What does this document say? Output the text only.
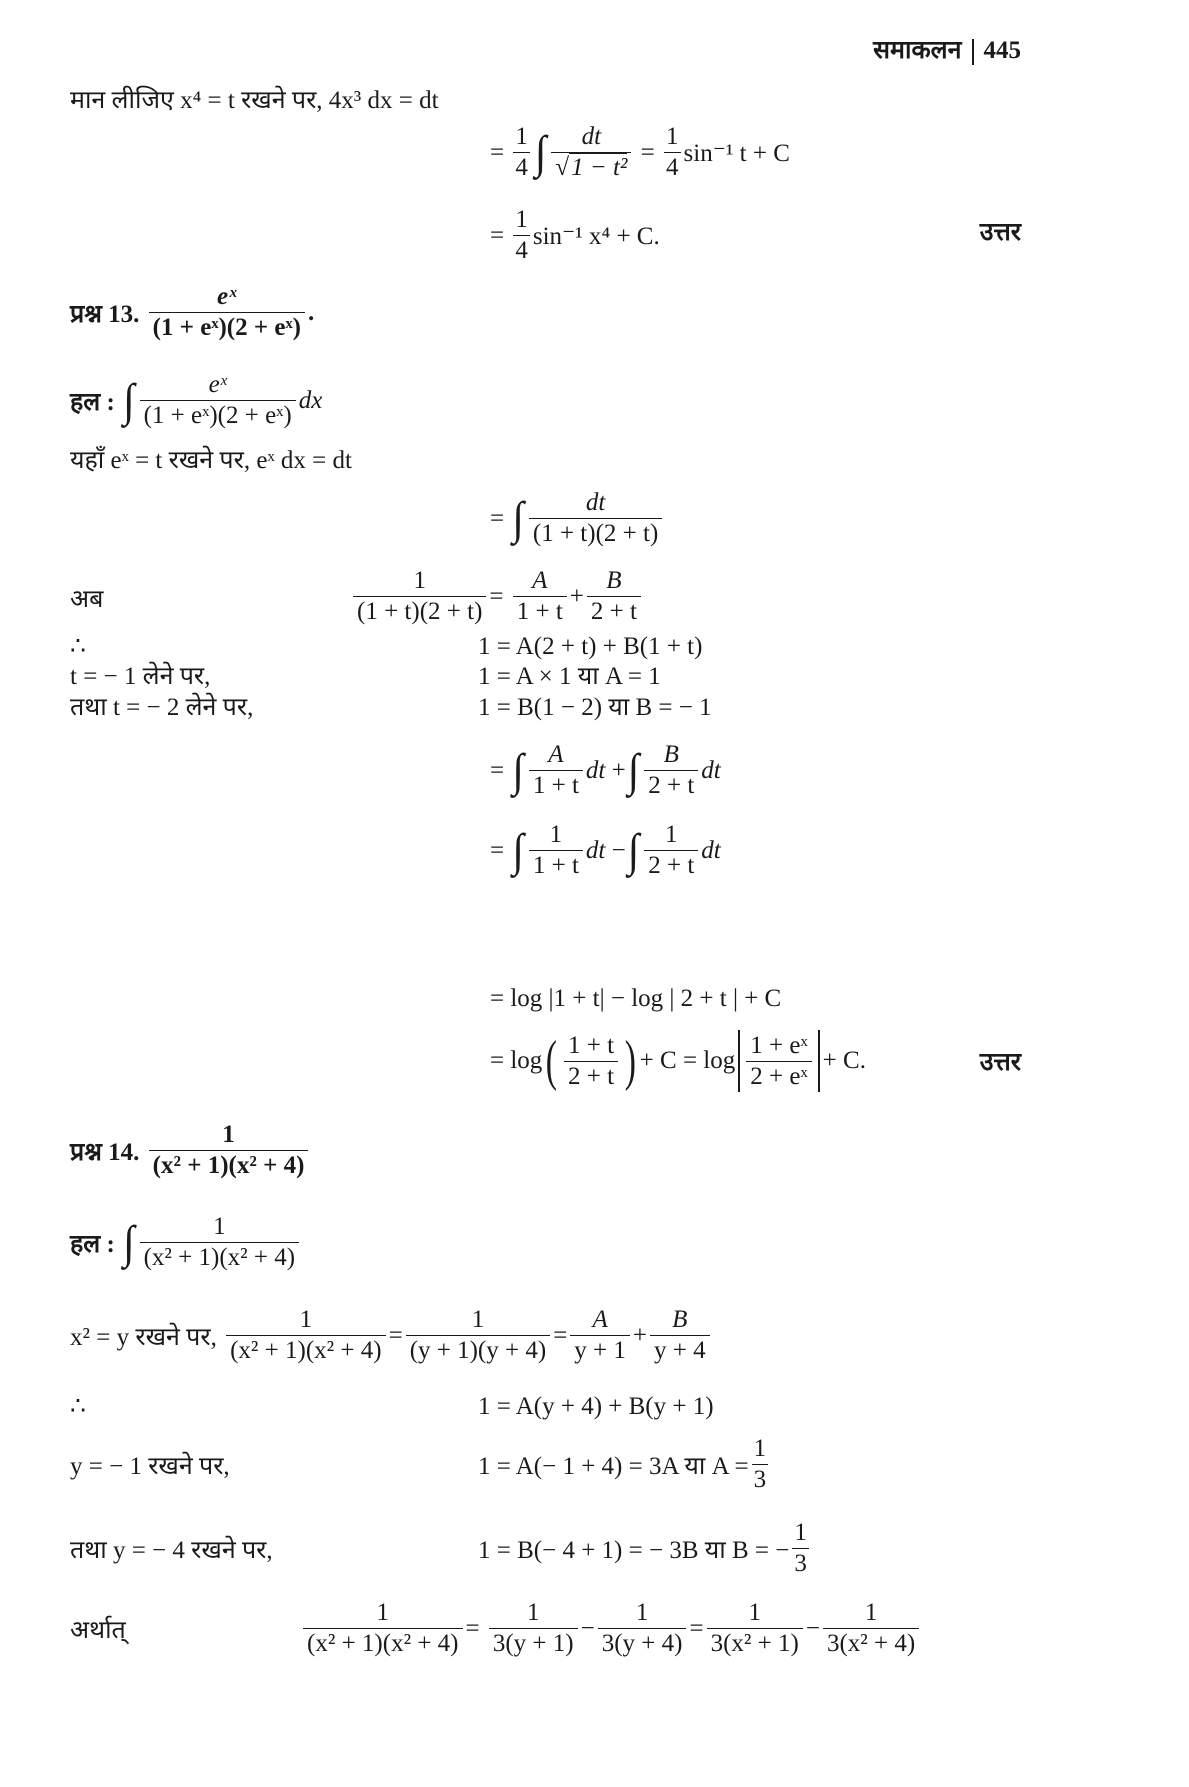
समाकलन 445
मान लीजिए x⁴ = t रखने पर, 4x³ dx = dt
= $\frac{1}{4}$ ∫ $\frac{dt}{\text{√1 − t²}} = \frac{1}{4} \sin^{-1}$ t + C
= $\frac{1}{4} \sin^{-1}$ x⁴ + C.	उत्तर
प्रश्न 13.
$\frac{\text{eˣ}}{\text{(1 + eˣ)(2 + eˣ)}}$ .
हल :
∫ $\frac{\text{eˣ}}{\text{(1 + eˣ)(2 + eˣ)}}$ dx
यहाँ eˣ = t रखने पर, eˣ dx = dt
= ∫ $\frac{dt}{(1 + t)(2 + t)}$
अब	$\frac{1}{(1 + t)(2 + t)} = \frac{A}{1 + t} + \frac{B}{2 + t}$
∴	1 = A(2 + t) + B(1 + t)
t = − 1 लेने पर,	1 = A × 1 या A = 1
तथा t = − 2 लेने पर,	1 = B(1 − 2) या B = − 1
= ∫ $\frac{A}{1 + t}$ dt + ∫ $\frac{B}{2 + t}$ dt
= ∫ $\frac{1}{1 + t}$ dt − ∫ $\frac{1}{2 + t}$ dt
= log |1 + t| − log | 2 + t | + C
= log ( $\frac{1 + t}{2 + t}$ ) + $C = \log \frac{\text{1 + eˣ}}{\text{2 + eˣ}} + C$.	उत्तर
प्रश्न 14.
$\frac{1}{\text{(x² + 1)(x² + 4)}}$
हल :
∫ $\frac{1}{\text{(x² + 1)(x² + 4)}}$
x² = y रखने पर,
$\frac{1}{\text{(x² + 1)(x² + 4)}} = \frac{1}{(y + 1)(y + 4)} = \frac{A}{y + 1} + \frac{B}{y + 4}$
∴	1 = A(y + 4) + B(y + 1)
y = − 1 रखने पर,	1 = A(− 1 + 4) = 3A या $A = \frac{1}{3}$
तथा y = − 4 रखने पर,	1 = B(− 4 + 1) = − 3B या B = − $\frac{1}{3}$
अर्थात्	$\frac{1}{\text{(x² + 1)(x² + 4)}} = \frac{1}{3(y + 1)} - \frac{1}{3(y + 4)} = \frac{1}{\text{3(x² + 1)}} - \frac{1}{\text{3(x² + 4)}}$
